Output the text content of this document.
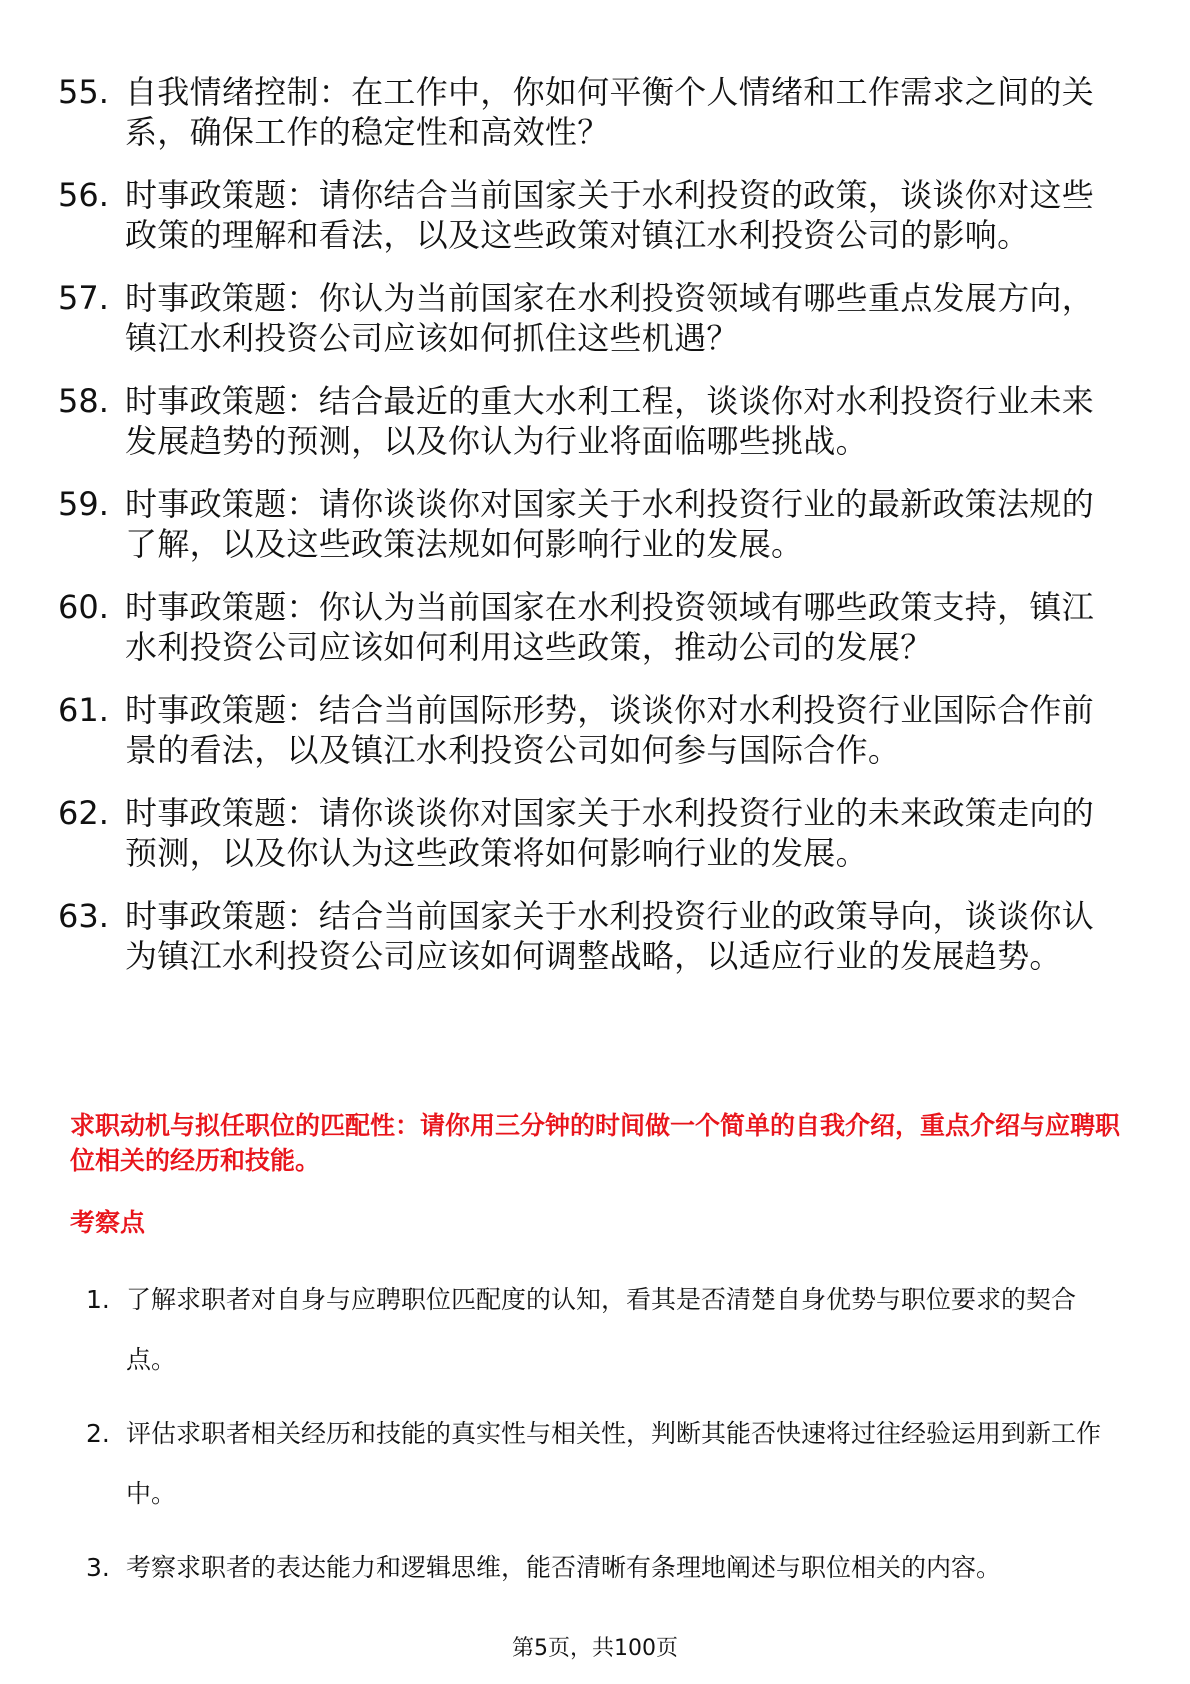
55. 自我情绪控制：在工作中，你如何平衡个人情绪和工作需求之间的关系，确保工作的稳定性和高效性？
56. 时事政策题：请你结合当前国家关于水利投资的政策，谈谈你对这些政策的理解和看法，以及这些政策对镇江水利投资公司的影响。
57. 时事政策题：你认为当前国家在水利投资领域有哪些重点发展方向，镇江水利投资公司应该如何抓住这些机遇？
58. 时事政策题：结合最近的重大水利工程，谈谈你对水利投资行业未来发展趋势的预测，以及你认为行业将面临哪些挑战。
59. 时事政策题：请你谈谈你对国家关于水利投资行业的最新政策法规的了解，以及这些政策法规如何影响行业的发展。
60. 时事政策题：你认为当前国家在水利投资领域有哪些政策支持，镇江水利投资公司应该如何利用这些政策，推动公司的发展？
61. 时事政策题：结合当前国际形势，谈谈你对水利投资行业国际合作前景的看法，以及镇江水利投资公司如何参与国际合作。
62. 时事政策题：请你谈谈你对国家关于水利投资行业的未来政策走向的预测，以及你认为这些政策将如何影响行业的发展。
63. 时事政策题：结合当前国家关于水利投资行业的政策导向，谈谈你认为镇江水利投资公司应该如何调整战略，以适应行业的发展趋势。
求职动机与拟任职位的匹配性：请你用三分钟的时间做一个简单的自我介绍，重点介绍与应聘职位相关的经历和技能。
考察点
1. 了解求职者对自身与应聘职位匹配度的认知，看其是否清楚自身优势与职位要求的契合点。
2. 评估求职者相关经历和技能的真实性与相关性，判断其能否快速将过往经验运用到新工作中。
3. 考察求职者的表达能力和逻辑思维，能否清晰有条理地阐述与职位相关的内容。
第5页，共100页
